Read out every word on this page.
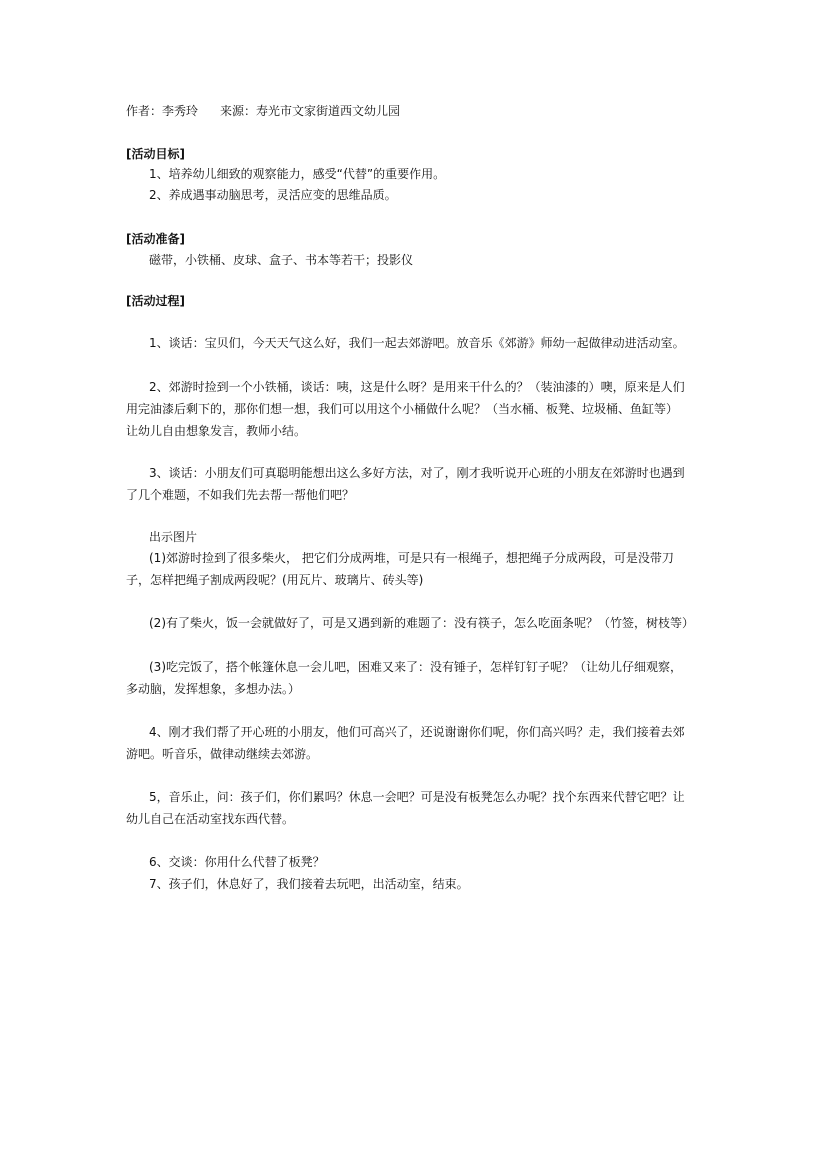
作者：李秀玲 来源：寿光市文家街道西文幼儿园
[活动目标]
1、培养幼儿细致的观察能力，感受“代替”的重要作用。
2、养成遇事动脑思考，灵活应变的思维品质。
[活动准备]
磁带，小铁桶、皮球、盒子、书本等若干；投影仪
[活动过程]
1、谈话：宝贝们，今天天气这么好，我们一起去郊游吧。放音乐《郊游》师幼一起做律动进活动室。
2、郊游时捡到一个小铁桶，谈话：咦，这是什么呀？是用来干什么的？（装油漆的）噢，原来是人们
用完油漆后剩下的，那你们想一想，我们可以用这个小桶做什么呢？（当水桶、板凳、垃圾桶、鱼缸等）
让幼儿自由想象发言，教师小结。
3、谈话：小朋友们可真聪明能想出这么多好方法，对了，刚才我听说开心班的小朋友在郊游时也遇到
了几个难题，不如我们先去帮一帮他们吧？
出示图片
(1)郊游时捡到了很多柴火， 把它们分成两堆，可是只有一根绳子，想把绳子分成两段，可是没带刀
子，怎样把绳子割成两段呢？(用瓦片、玻璃片、砖头等)
(2)有了柴火，饭一会就做好了，可是又遇到新的难题了：没有筷子，怎么吃面条呢？（竹签，树枝等）
(3)吃完饭了，搭个帐篷休息一会儿吧，困难又来了：没有锤子，怎样钉钉子呢？（让幼儿仔细观察，
多动脑，发挥想象，多想办法。）
4、刚才我们帮了开心班的小朋友，他们可高兴了，还说谢谢你们呢，你们高兴吗？走，我们接着去郊
游吧。听音乐，做律动继续去郊游。
5，音乐止，问：孩子们，你们累吗？休息一会吧？可是没有板凳怎么办呢？找个东西来代替它吧？让
幼儿自己在活动室找东西代替。
6、交谈：你用什么代替了板凳？
7、孩子们，休息好了，我们接着去玩吧，出活动室，结束。
